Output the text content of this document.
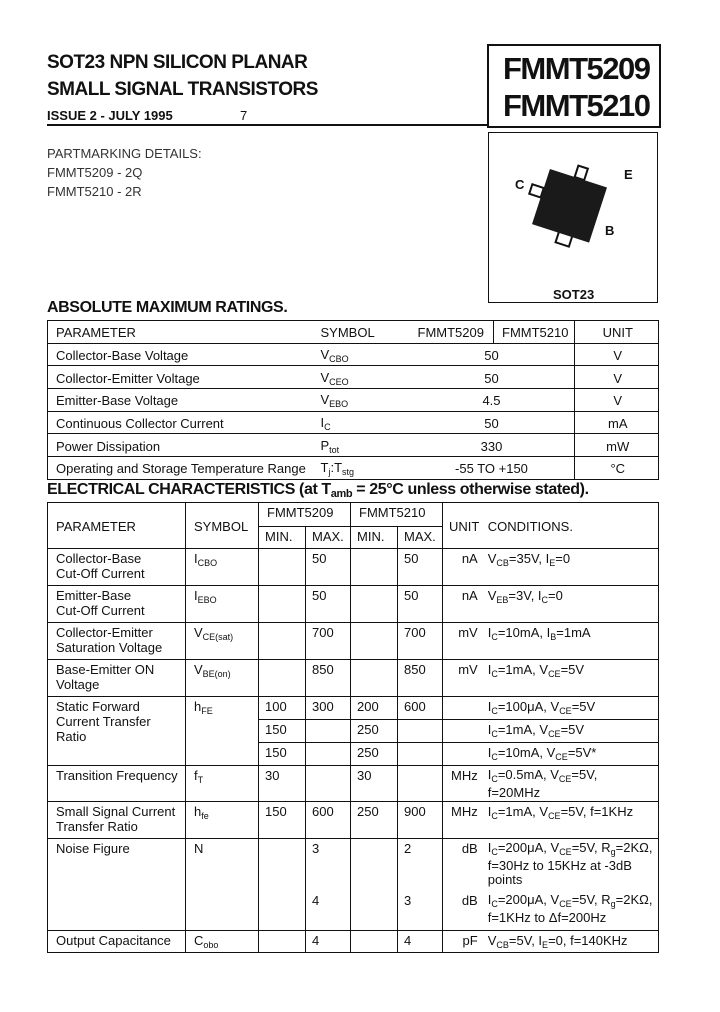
SOT23 NPN SILICON PLANAR
SMALL SIGNAL TRANSISTORS
ISSUE 2 - JULY 1995	7
FMMT5209
FMMT5210
PARTMARKING DETAILS:
FMMT5209 - 2Q
FMMT5210 - 2R	C
E
B
SOT23
ABSOLUTE MAXIMUM RATINGS.
PARAMETER	SYMBOL	FMMT5209	FMMT5210	UNIT
Collector-Base Voltage	$V_{CBO}$	50		V
Collector-Emitter Voltage	$V_{CEO}$	50		V
Emitter-Base Voltage	$V_{EBO}$	4.5		V
Continuous Collector Current	$I_C$	50		mA
Power Dissipation	$P_{tot}$	330		mW
Operating and Storage Temperature Range	$T_j:T_{stg}$	-55 TO +150		°C
ELECTRICAL CHARACTERISTICS (at $T_{amb} = 25^\circ C$ unless otherwise stated).
PARAMETER	SYMBOL	FMMT5209		FMMT5210		UNIT	CONDITIONS.
		MIN.	MAX.	MIN.	MAX.		

Collector-Base
Cut-Off Current	$I_{CBO}$		50		50	nA	$V_{CB}=35V$, $I_E=0$

Emitter-Base
Cut-Off Current	$I_{EBO}$		50		50	nA	$V_{EB}=3V$, $I_C=0$

Collector-Emitter
Saturation Voltage	$V_{CE(sat)}$		700		700	mV	$I_C=10mA$, $I_B=1mA$

Base-Emitter ON
Voltage	$V_{BE(on)}$		850		850	mV	$I_C=1mA$, $V_{CE}=5V$

Static Forward
Current Transfer
Ratio	$h_{FE}$	100	300	200	600		$I_C=100\mu A$, $V_{CE}=5V$
		150		250			$I_C=1mA$, $V_{CE}=5V$
		150		250			$I_C=10mA$, $V_{CE}=5V*$
Transition Frequency	$f_T$	30		30		MHz	$I_C=0.5mA$, $V_{CE}=5V$,
f=20MHz

Small Signal Current
Transfer Ratio	$h_{fe}$	150	600	250	900	MHz	$I_C=1mA$, $V_{CE}=5V$, f=1KHz
Noise Figure	N		3		2	dB	$I_C=200\mu A$, $V_{CE}=5V$, $R_g=2K\Omega$,
f=30Hz to 15KHz at -3dB
points

			4		3	dB	$I_C=200\mu A$, $V_{CE}=5V$, $R_g=2K\Omega$,
f=1KHz to Δf=200Hz

Output Capacitance	$C_{obo}$		4		4	pF	$V_{CB}=5V$, $I_E=0$, f=140KHz
